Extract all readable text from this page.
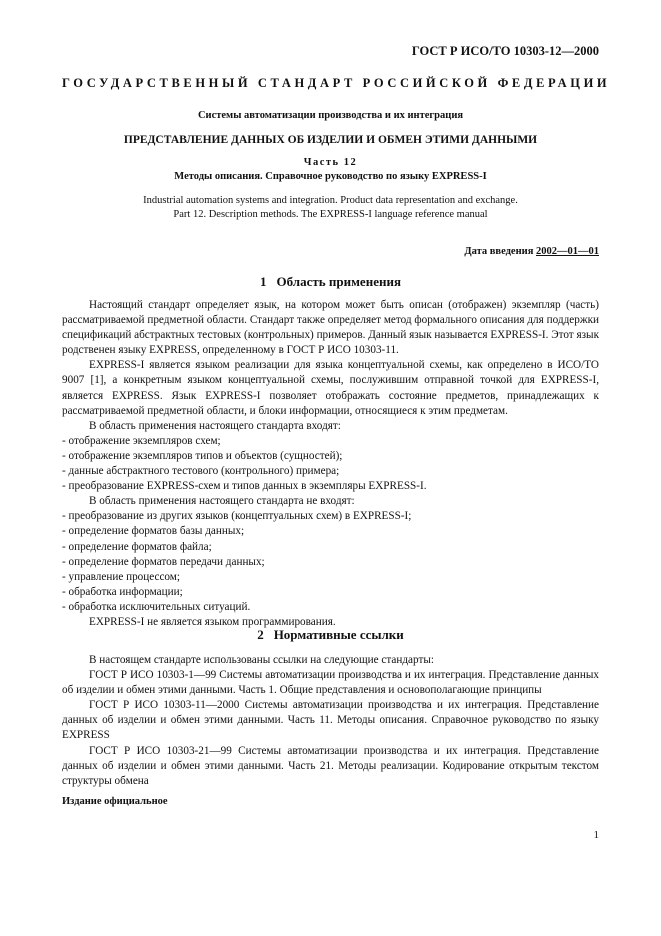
ГОСТ Р ИСО/ТО 10303-12—2000
ГОСУДАРСТВЕННЫЙ СТАНДАРТ РОССИЙСКОЙ ФЕДЕРАЦИИ
Системы автоматизации производства и их интеграция
ПРЕДСТАВЛЕНИЕ ДАННЫХ ОБ ИЗДЕЛИИ И ОБМЕН ЭТИМИ ДАННЫМИ
Часть 12
Методы описания. Справочное руководство по языку EXPRESS-I
Industrial automation systems and integration. Product data representation and exchange.
Part 12. Description methods. The EXPRESS-I language reference manual
Дата введения 2002—01—01
1 Область применения
Настоящий стандарт определяет язык, на котором может быть описан (отображен) экземпляр (часть) рассматриваемой предметной области. Стандарт также определяет метод формального описания для поддержки спецификаций абстрактных тестовых (контрольных) примеров. Данный язык называется EXPRESS-I. Этот язык родственен языку EXPRESS, определенному в ГОСТ Р ИСО 10303-11.
EXPRESS-I является языком реализации для языка концептуальной схемы, как определено в ИСО/ТО 9007 [1], а конкретным языком концептуальной схемы, послужившим отправной точкой для EXPRESS-I, является EXPRESS. Язык EXPRESS-I позволяет отображать состояние предметов, принадлежащих к рассматриваемой предметной области, и блоки информации, относящиеся к этим предметам.
В область применения настоящего стандарта входят:
- отображение экземпляров схем;
- отображение экземпляров типов и объектов (сущностей);
- данные абстрактного тестового (контрольного) примера;
- преобразование EXPRESS-схем и типов данных в экземпляры EXPRESS-I.
В область применения настоящего стандарта не входят:
- преобразование из других языков (концептуальных схем) в EXPRESS-I;
- определение форматов базы данных;
- определение форматов файла;
- определение форматов передачи данных;
- управление процессом;
- обработка информации;
- обработка исключительных ситуаций.
EXPRESS-I не является языком программирования.
2 Нормативные ссылки
В настоящем стандарте использованы ссылки на следующие стандарты:
ГОСТ Р ИСО 10303-1—99 Системы автоматизации производства и их интеграция. Представление данных об изделии и обмен этими данными. Часть 1. Общие представления и основополагающие принципы
ГОСТ Р ИСО 10303-11—2000 Системы автоматизации производства и их интеграция. Представление данных об изделии и обмен этими данными. Часть 11. Методы описания. Справочное руководство по языку EXPRESS
ГОСТ Р ИСО 10303-21—99 Системы автоматизации производства и их интеграция. Представление данных об изделии и обмен этими данными. Часть 21. Методы реализации. Кодирование открытым текстом структуры обмена
Издание официальное
1
